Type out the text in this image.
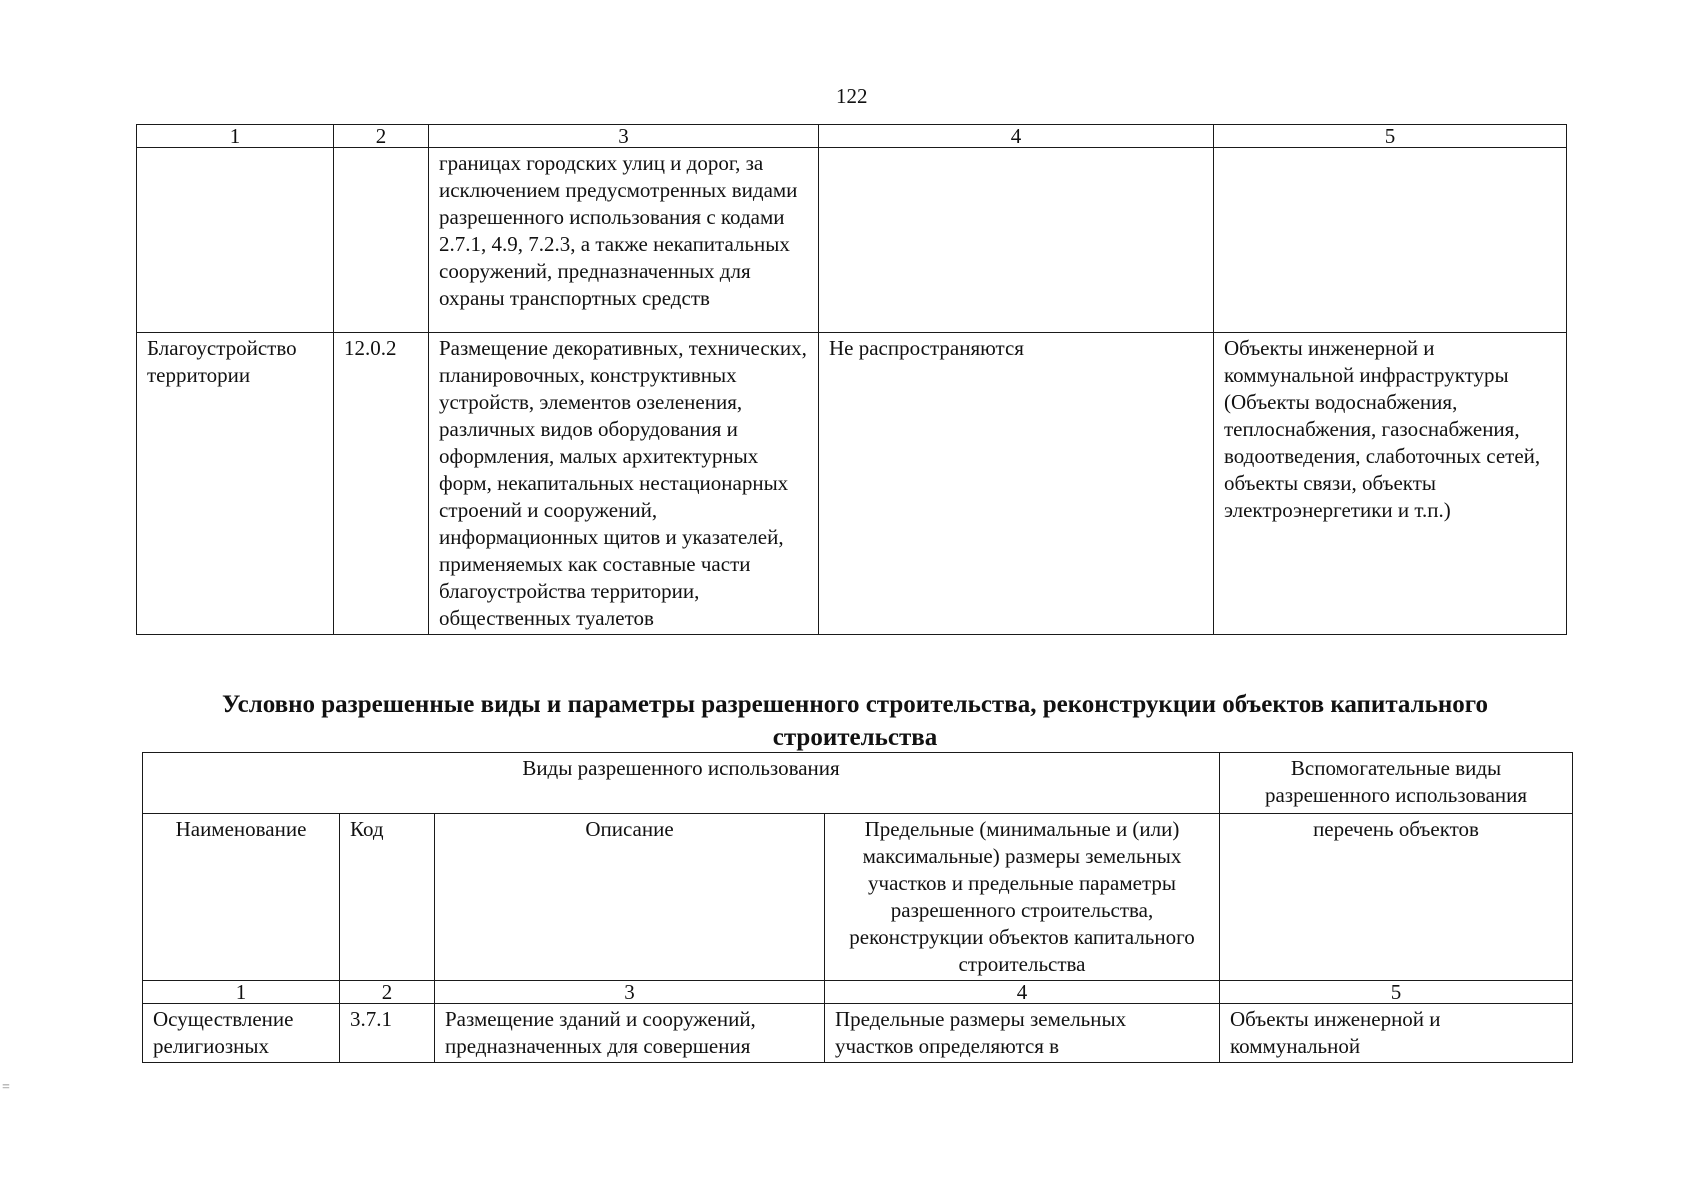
122
1	2	3	4	5
		границах городских улиц и дорог, за исключением предусмотренных видами разрешенного использования с кодами 2.7.1, 4.9, 7.2.3, а также некапитальных сооружений, предназначенных для охраны транспортных средств		
Благоустройство территории	12.0.2	Размещение декоративных, технических, планировочных, конструктивных устройств, элементов озеленения, различных видов оборудования и оформления, малых архитектурных форм, некапитальных нестационарных строений и сооружений, информационных щитов и указателей, применяемых как составные части благоустройства территории, общественных туалетов	Не распространяются	Объекты инженерной и коммунальной инфраструктуры (Объекты водоснабжения, теплоснабжения, газоснабжения, водоотведения, слаботочных сетей, объекты связи, объекты электроэнергетики и т.п.)
Условно разрешенные виды и параметры разрешенного строительства, реконструкции объектов капитального строительства
Виды разрешенного использования				Вспомогательные виды разрешенного использования
Наименование	Код	Описание	Предельные (минимальные и (или) максимальные) размеры земельных участков и предельные параметры разрешенного строительства, реконструкции объектов капитального строительства	перечень объектов
1	2	3	4	5
Осуществление религиозных	3.7.1	Размещение зданий и сооружений, предназначенных для совершения	Предельные размеры земельных участков определяются в	Объекты инженерной и коммунальной
=
